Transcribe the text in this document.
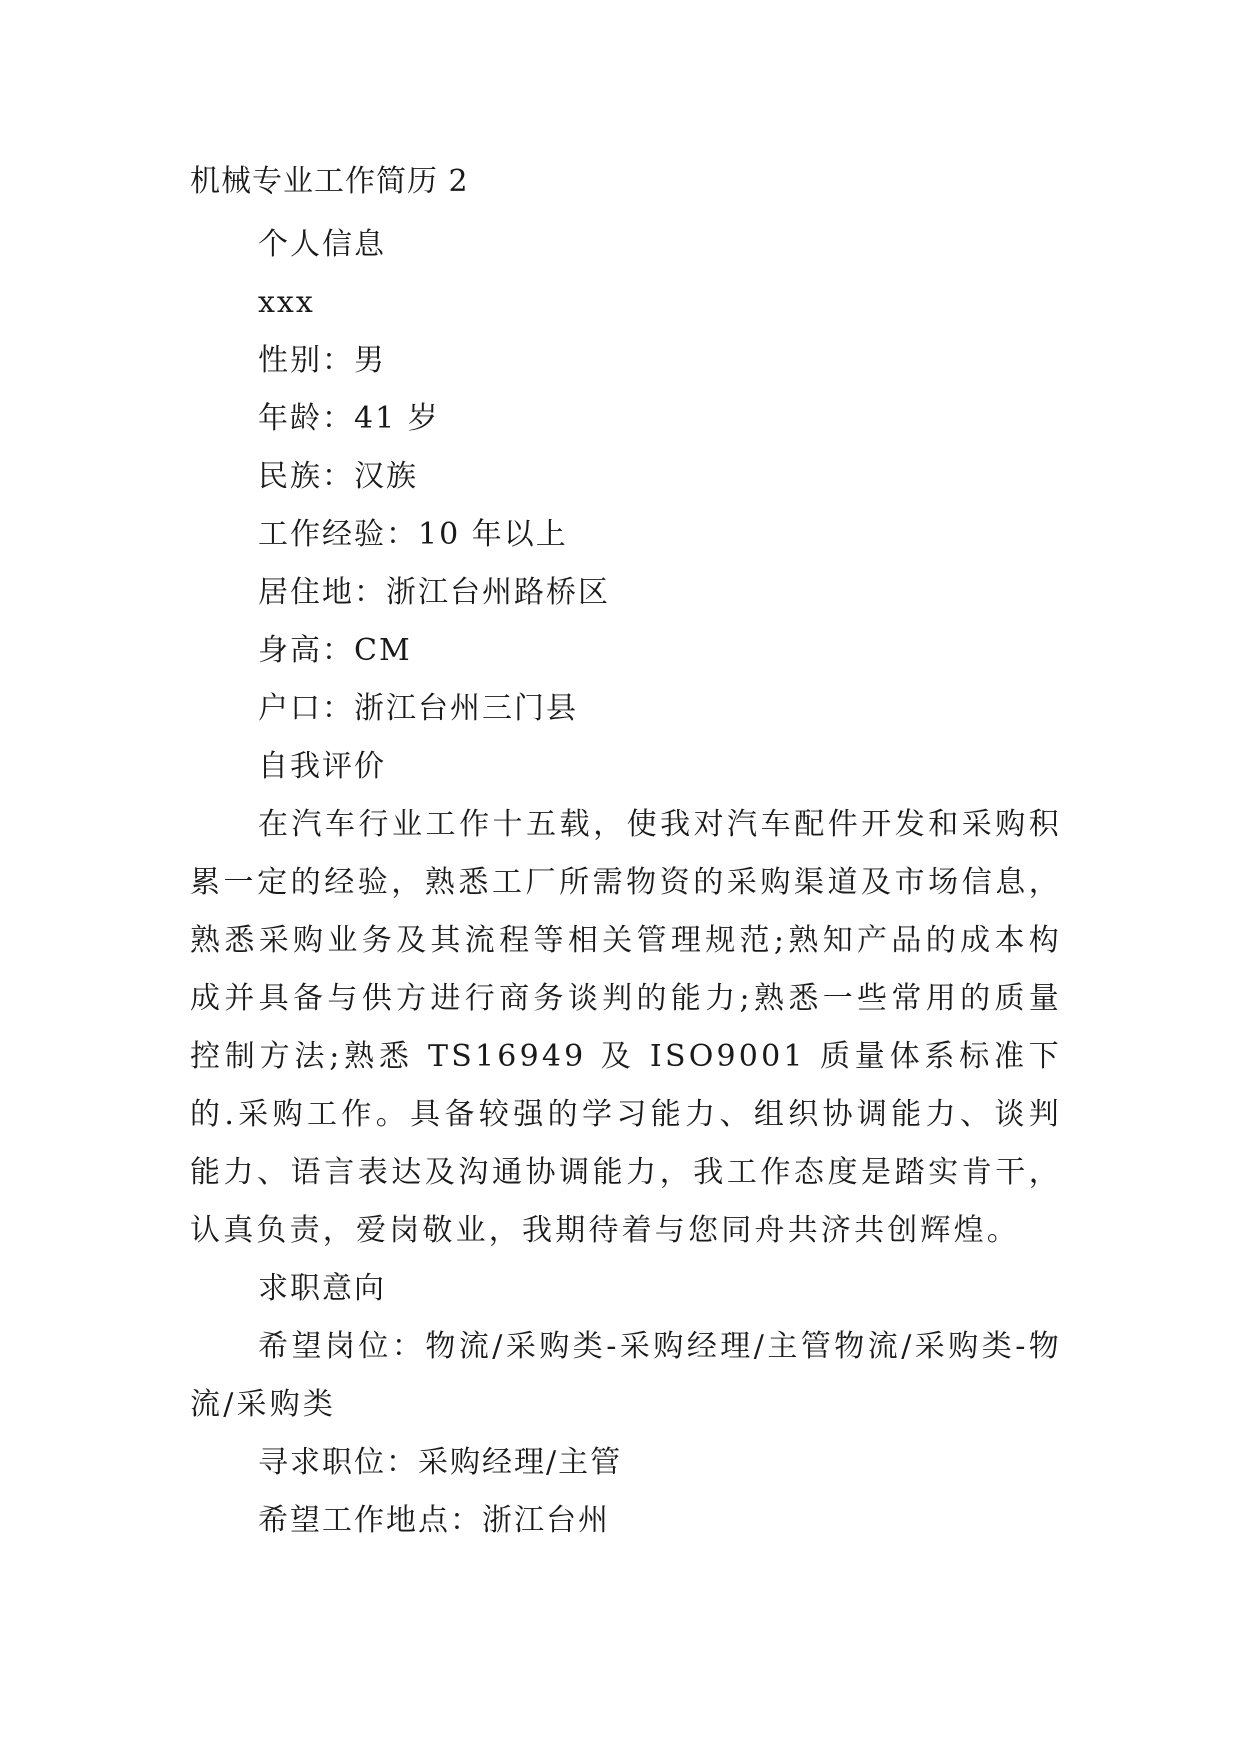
机械专业工作简历 2
个人信息
xxx
性别：男
年龄：41 岁
民族：汉族
工作经验：10 年以上
居住地：浙江台州路桥区
身高：CM
户口：浙江台州三门县
自我评价

在汽车行业工作十五载，使我对汽车配件开发和采购积累一定的经验，熟悉工厂所需物资的采购渠道及市场信息，熟悉采购业务及其流程等相关管理规范;熟知产品的成本构成并具备与供方进行商务谈判的能力;熟悉一些常用的质量控制方法;熟悉 TS16949 及 ISO9001 质量体系标准下的.采购工作。具备较强的学习能力、组织协调能力、谈判能力、语言表达及沟通协调能力，我工作态度是踏实肯干，认真负责，爱岗敬业，我期待着与您同舟共济共创辉煌。

求职意向

希望岗位：物流/采购类-采购经理/主管物流/采购类-物流/采购类

寻求职位：采购经理/主管
希望工作地点：浙江台州
